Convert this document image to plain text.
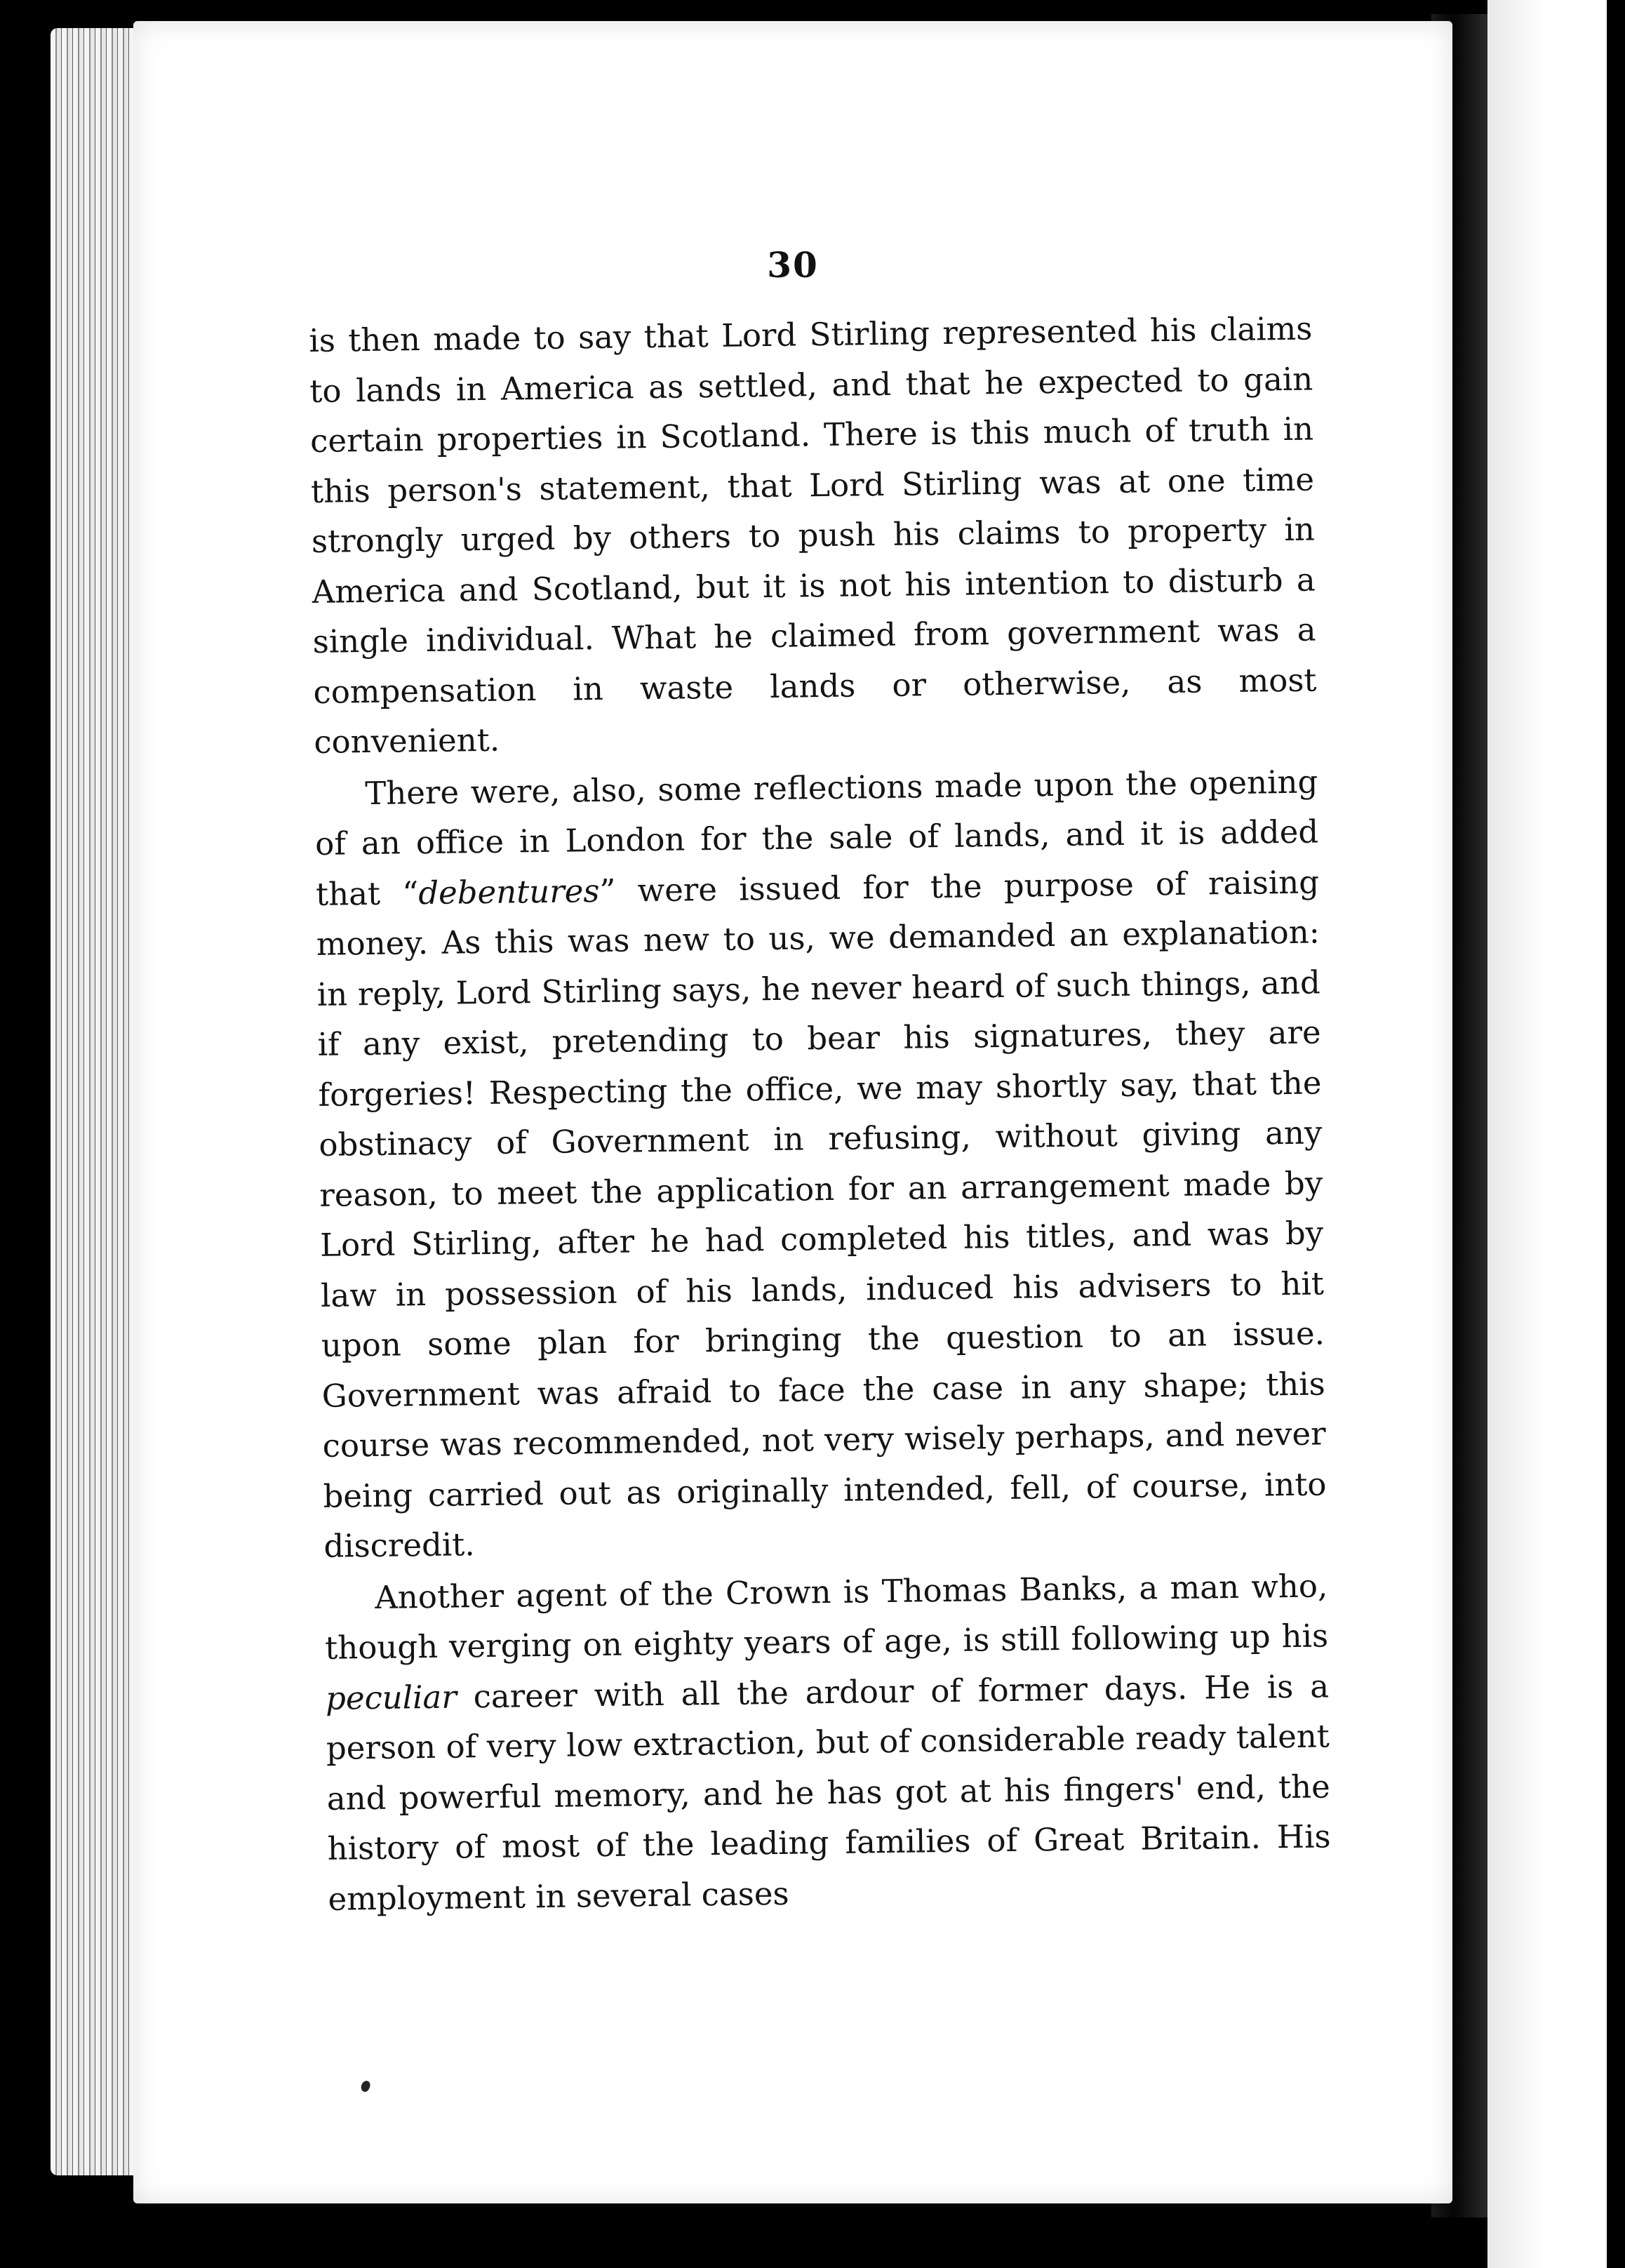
30

is then made to say that Lord Stirling represented his claims to lands in America as settled, and that he expected to gain certain properties in Scotland. There is this much of truth in this person's statement, that Lord Stirling was at one time strongly urged by others to push his claims to property in America and Scotland, but it is not his intention to disturb a single individual. What he claimed from government was a compensation in waste lands or otherwise, as most convenient.

There were, also, some reflections made upon the opening of an office in London for the sale of lands, and it is added that “debentures” were issued for the purpose of raising money. As this was new to us, we demanded an explanation: in reply, Lord Stirling says, he never heard of such things, and if any exist, pretending to bear his signatures, they are forgeries! Respecting the office, we may shortly say, that the obstinacy of Government in refusing, without giving any reason, to meet the application for an arrangement made by Lord Stirling, after he had completed his titles, and was by law in possession of his lands, induced his advisers to hit upon some plan for bringing the question to an issue. Government was afraid to face the case in any shape; this course was recommended, not very wisely perhaps, and never being carried out as originally intended, fell, of course, into discredit.

Another agent of the Crown is Thomas Banks, a man who, though verging on eighty years of age, is still following up his peculiar career with all the ardour of former days. He is a person of very low extraction, but of considerable ready talent and powerful memory, and he has got at his fingers' end, the history of most of the leading families of Great Britain. His employment in several cases
